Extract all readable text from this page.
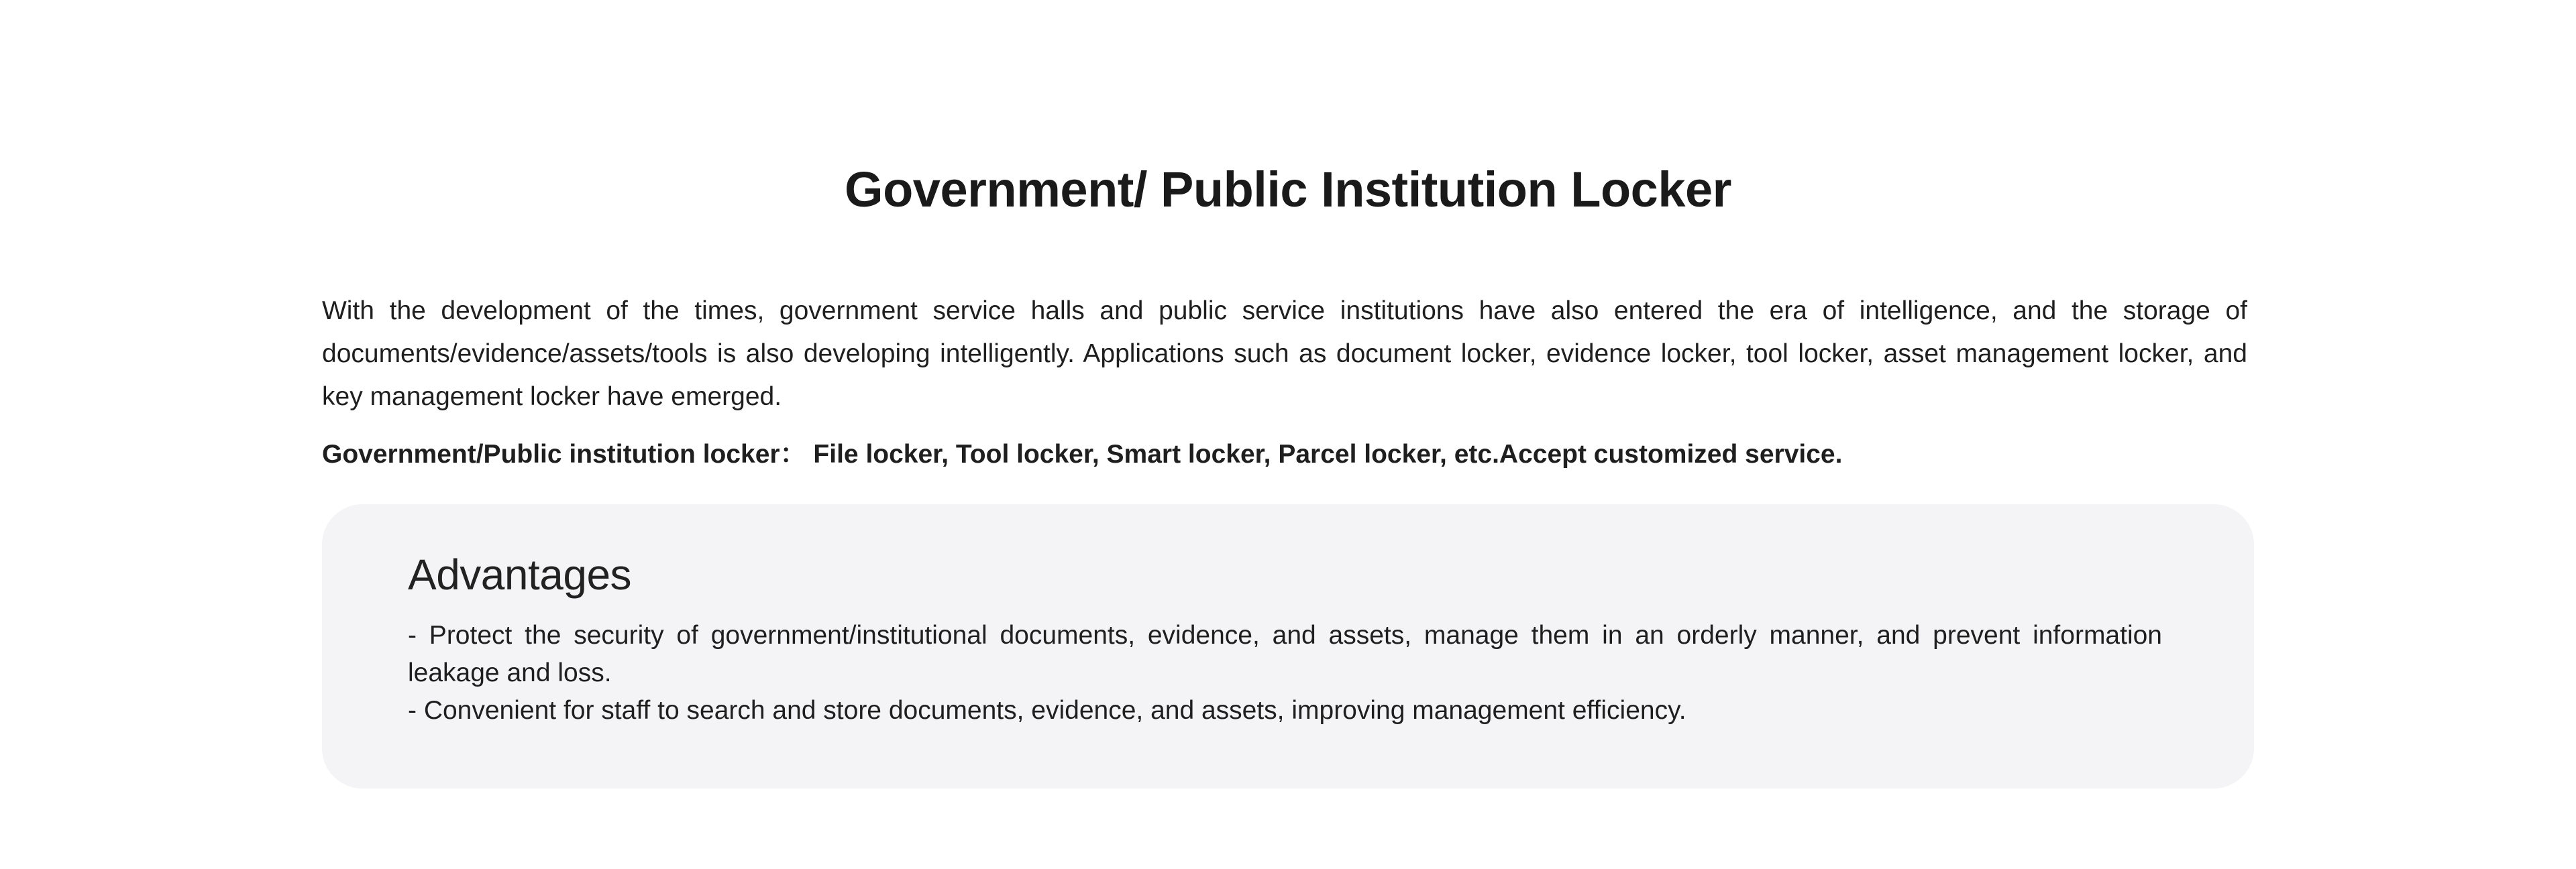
Government/ Public Institution Locker

With the development of the times, government service halls and public service institutions have also entered the era of intelligence, and the storage of documents/evidence/assets/tools is also developing intelligently. Applications such as document locker, evidence locker, tool locker, asset management locker, and key management locker have emerged.

Government/Public institution locker： File locker, Tool locker, Smart locker, Parcel locker, etc.Accept customized service.

Advantages
- Protect the security of government/institutional documents, evidence, and assets, manage them in an orderly manner, and prevent information leakage and loss.
- Convenient for staff to search and store documents, evidence, and assets, improving management efficiency.
